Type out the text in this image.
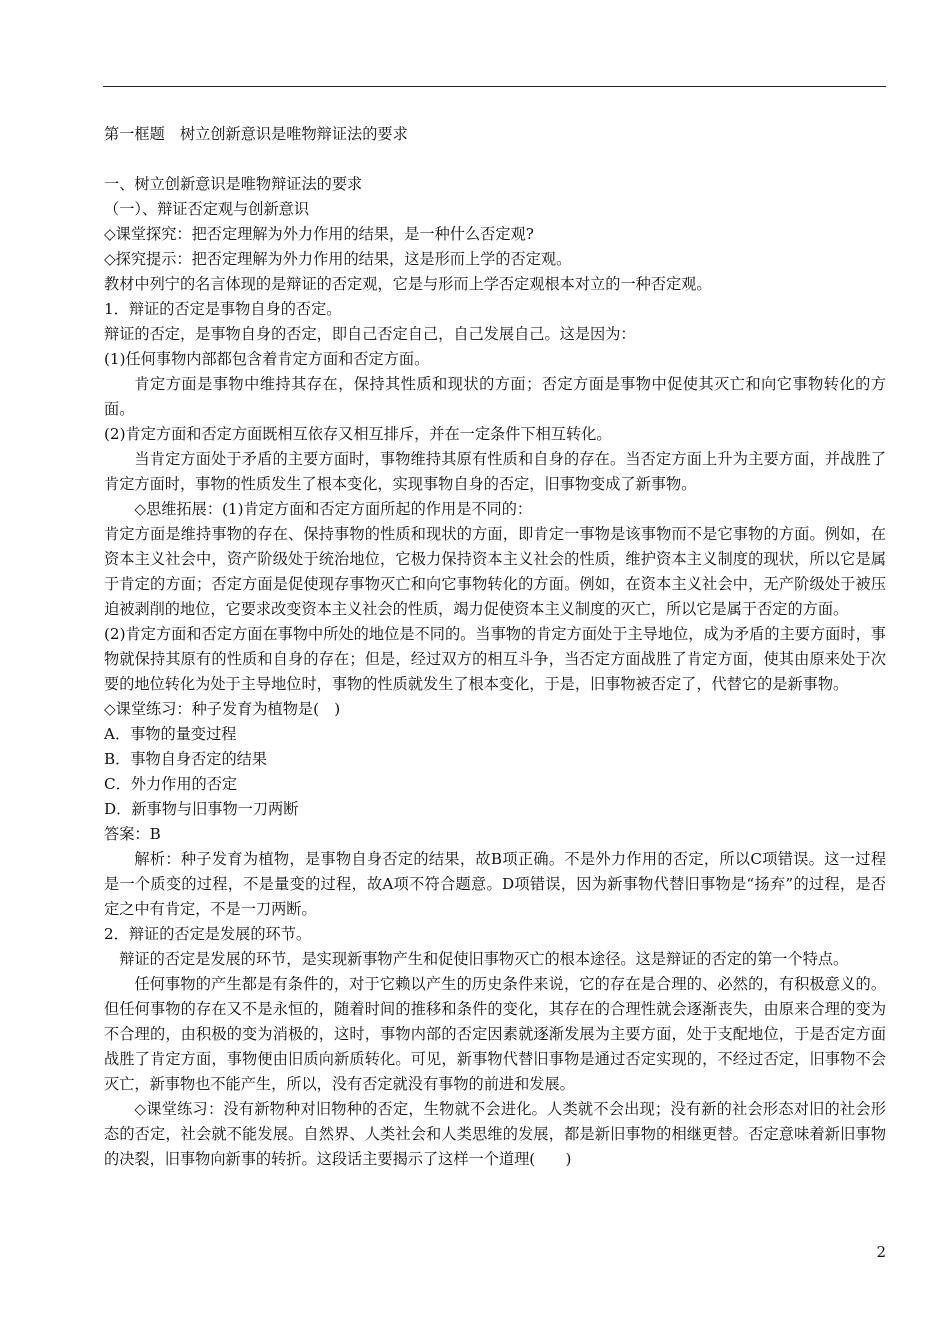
第一框题　树立创新意识是唯物辩证法的要求

一、树立创新意识是唯物辩证法的要求

（一）、辩证否定观与创新意识

◇课堂探究：把否定理解为外力作用的结果，是一种什么否定观?

◇探究提示：把否定理解为外力作用的结果，这是形而上学的否定观。

教材中列宁的名言体现的是辩证的否定观，它是与形而上学否定观根本对立的一种否定观。

1．辩证的否定是事物自身的否定。

辩证的否定，是事物自身的否定，即自己否定自己，自己发展自己。这是因为：

(1)任何事物内部都包含着肯定方面和否定方面。

肯定方面是事物中维持其存在，保持其性质和现状的方面；否定方面是事物中促使其灭亡和向它事物转化的方面。

(2)肯定方面和否定方面既相互依存又相互排斥，并在一定条件下相互转化。

当肯定方面处于矛盾的主要方面时，事物维持其原有性质和自身的存在。当否定方面上升为主要方面，并战胜了肯定方面时，事物的性质发生了根本变化，实现事物自身的否定，旧事物变成了新事物。

◇思维拓展：(1)肯定方面和否定方面所起的作用是不同的：

肯定方面是维持事物的存在、保持事物的性质和现状的方面，即肯定一事物是该事物而不是它事物的方面。例如，在资本主义社会中，资产阶级处于统治地位，它极力保持资本主义社会的性质，维护资本主义制度的现状，所以它是属于肯定的方面；否定方面是促使现存事物灭亡和向它事物转化的方面。例如，在资本主义社会中，无产阶级处于被压迫被剥削的地位，它要求改变资本主义社会的性质，竭力促使资本主义制度的灭亡，所以它是属于否定的方面。

(2)肯定方面和否定方面在事物中所处的地位是不同的。当事物的肯定方面处于主导地位，成为矛盾的主要方面时，事物就保持其原有的性质和自身的存在；但是，经过双方的相互斗争，当否定方面战胜了肯定方面，使其由原来处于次要的地位转化为处于主导地位时，事物的性质就发生了根本变化，于是，旧事物被否定了，代替它的是新事物。

◇课堂练习：种子发育为植物是(　)

A．事物的量变过程

B．事物自身否定的结果

C．外力作用的否定

D．新事物与旧事物一刀两断

答案：B

解析：种子发育为植物，是事物自身否定的结果，故B项正确。不是外力作用的否定，所以C项错误。这一过程是一个质变的过程，不是量变的过程，故A项不符合题意。D项错误，因为新事物代替旧事物是“扬弃”的过程，是否定之中有肯定，不是一刀两断。

2．辩证的否定是发展的环节。

辩证的否定是发展的环节，是实现新事物产生和促使旧事物灭亡的根本途径。这是辩证的否定的第一个特点。

任何事物的产生都是有条件的，对于它赖以产生的历史条件来说，它的存在是合理的、必然的，有积极意义的。但任何事物的存在又不是永恒的，随着时间的推移和条件的变化，其存在的合理性就会逐渐丧失，由原来合理的变为不合理的，由积极的变为消极的，这时，事物内部的否定因素就逐渐发展为主要方面，处于支配地位，于是否定方面战胜了肯定方面，事物便由旧质向新质转化。可见，新事物代替旧事物是通过否定实现的，不经过否定，旧事物不会灭亡，新事物也不能产生，所以，没有否定就没有事物的前进和发展。

◇课堂练习：没有新物种对旧物种的否定，生物就不会进化。人类就不会出现；没有新的社会形态对旧的社会形态的否定，社会就不能发展。自然界、人类社会和人类思维的发展，都是新旧事物的相继更替。否定意味着新旧事物的决裂，旧事物向新事的转折。这段话主要揭示了这样一个道理(　　)

2
